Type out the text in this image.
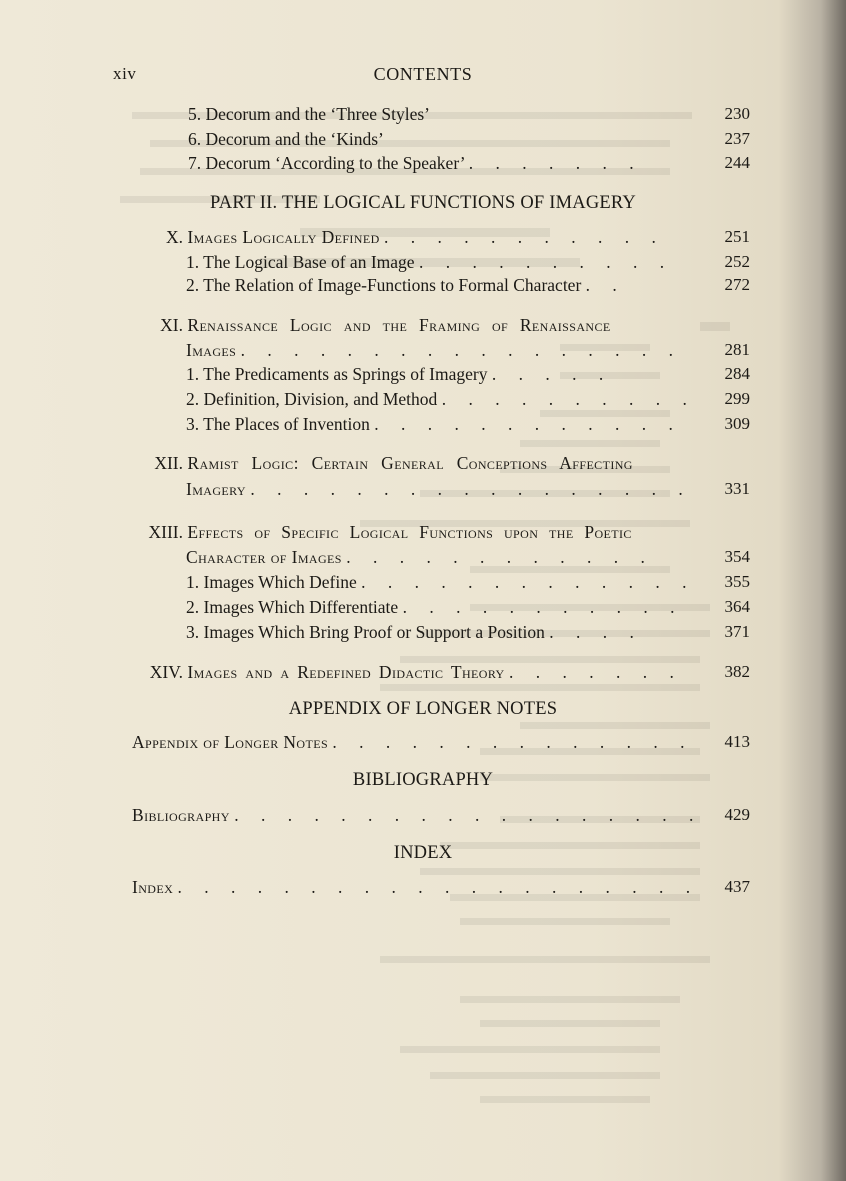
xiv	CONTENTS
5. Decorum and the ‘Three Styles’	230
6. Decorum and the ‘Kinds’	237
7. Decorum ‘According to the Speaker’ . . . . . . .	244
PART II. THE LOGICAL FUNCTIONS OF IMAGERY
X. Images Logically Defined . . . . . . . . . . .	251
1. The Logical Base of an Image . . . . . . . . . .	252
2. The Relation of Image-Functions to Formal Character . .	272
XI. Renaissance Logic and the Framing of Renaissance
Images . . . . . . . . . . . . . . . . .	281
1. The Predicaments as Springs of Imagery . . . . .	284
2. Definition, Division, and Method . . . . . . . . . . 299
3. The Places of Invention . . . . . . . . . . . .	309
XII. Ramist Logic: Certain General Conceptions Affecting
Imagery . . . . . . . . . . . . . . . . . 331
XIII. Effects of Specific Logical Functions upon the Poetic
Character of Images . . . . . . . . . . . .	354
1. Images Which Define . . . . . . . . . . . . . 355
2. Images Which Differentiate . . . . . . . . . . . 364
3. Images Which Bring Proof or Support a Position . . . .	371
XIV. Images and a Redefined Didactic Theory . . . . . . . 382
APPENDIX OF LONGER NOTES
Appendix of Longer Notes . . . . . . . . . . . . . . 413
BIBLIOGRAPHY
Bibliography . . . . . . . . . . . . . . . . . . 429
INDEX
Index . . . . . . . . . . . . . . . . . . . . 437
